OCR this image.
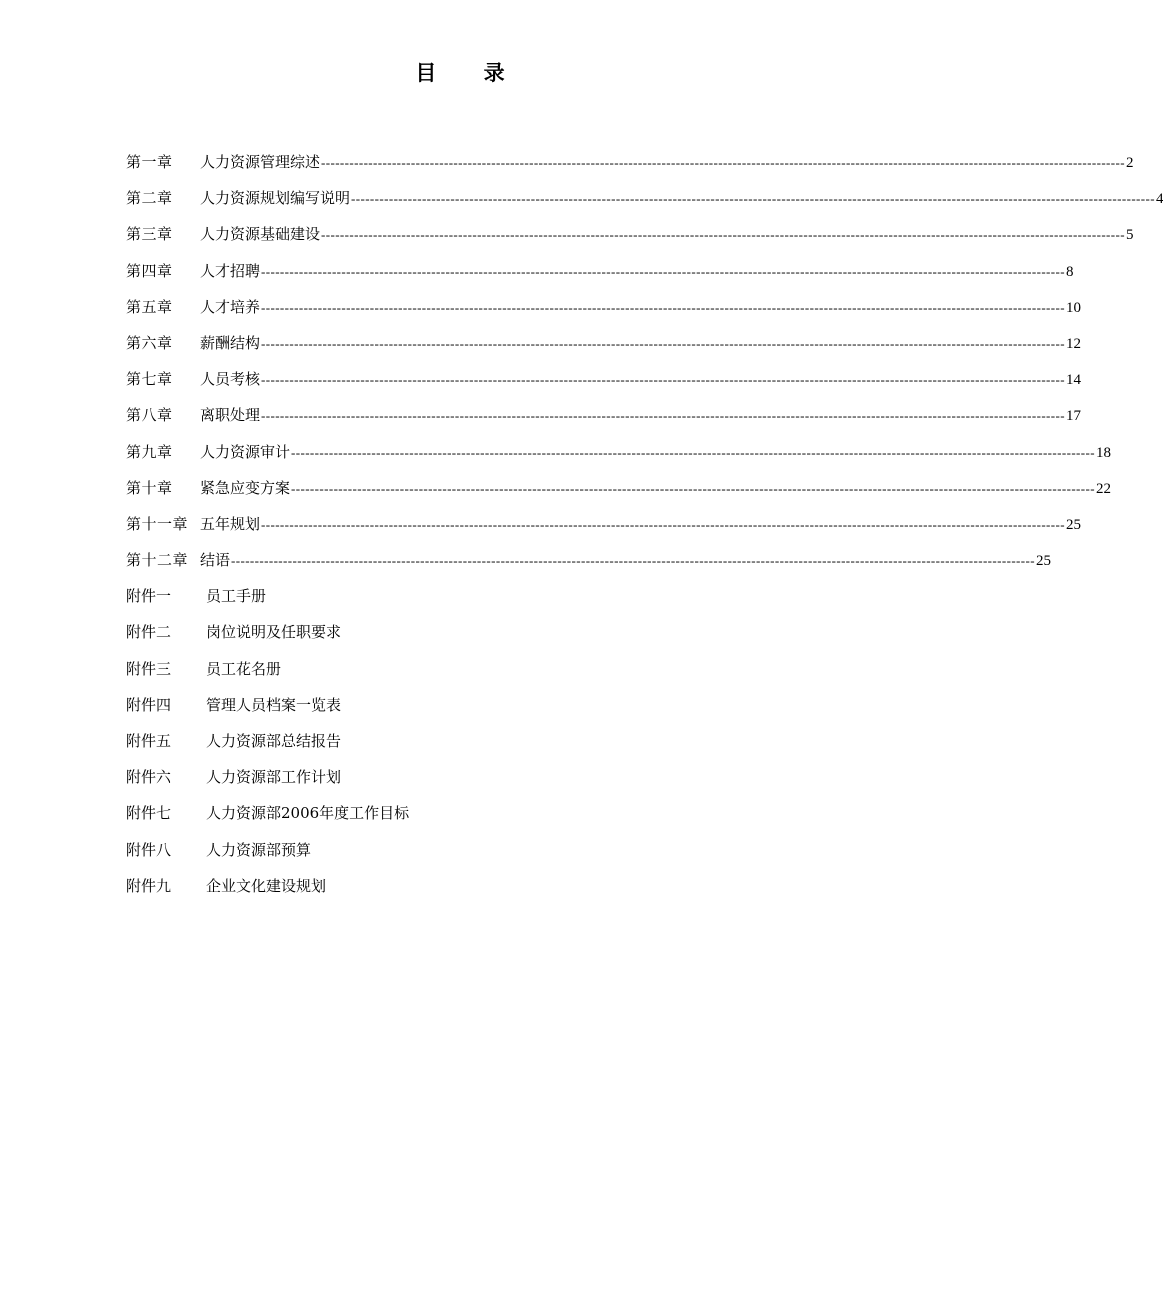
目 录
第一章	人力资源管理综述 -------------------------------------------------------------------------------------------------------------------------------------------------------------------------- 2
第二章	人力资源规划编写说明 -------------------------------------------------------------------------------------------------------------------------------------------------------------------------- 4
第三章	人力资源基础建设 -------------------------------------------------------------------------------------------------------------------------------------------------------------------------- 5
第四章	人才招聘 -------------------------------------------------------------------------------------------------------------------------------------------------------------------------- 8
第五章	人才培养 -------------------------------------------------------------------------------------------------------------------------------------------------------------------------- 10
第六章	薪酬结构 -------------------------------------------------------------------------------------------------------------------------------------------------------------------------- 12
第七章	人员考核 -------------------------------------------------------------------------------------------------------------------------------------------------------------------------- 14
第八章	离职处理 -------------------------------------------------------------------------------------------------------------------------------------------------------------------------- 17
第九章	人力资源审计 -------------------------------------------------------------------------------------------------------------------------------------------------------------------------- 18
第十章	紧急应变方案 -------------------------------------------------------------------------------------------------------------------------------------------------------------------------- 22
第十一章 五年规划 -------------------------------------------------------------------------------------------------------------------------------------------------------------------------- 25
第十二章 结语 -------------------------------------------------------------------------------------------------------------------------------------------------------------------------- 25
附件一	员工手册
附件二	岗位说明及任职要求
附件三	员工花名册
附件四	管理人员档案一览表
附件五	人力资源部总结报告
附件六	人力资源部工作计划
附件七	人力资源部2006年度工作目标
附件八	人力资源部预算
附件九	企业文化建设规划
